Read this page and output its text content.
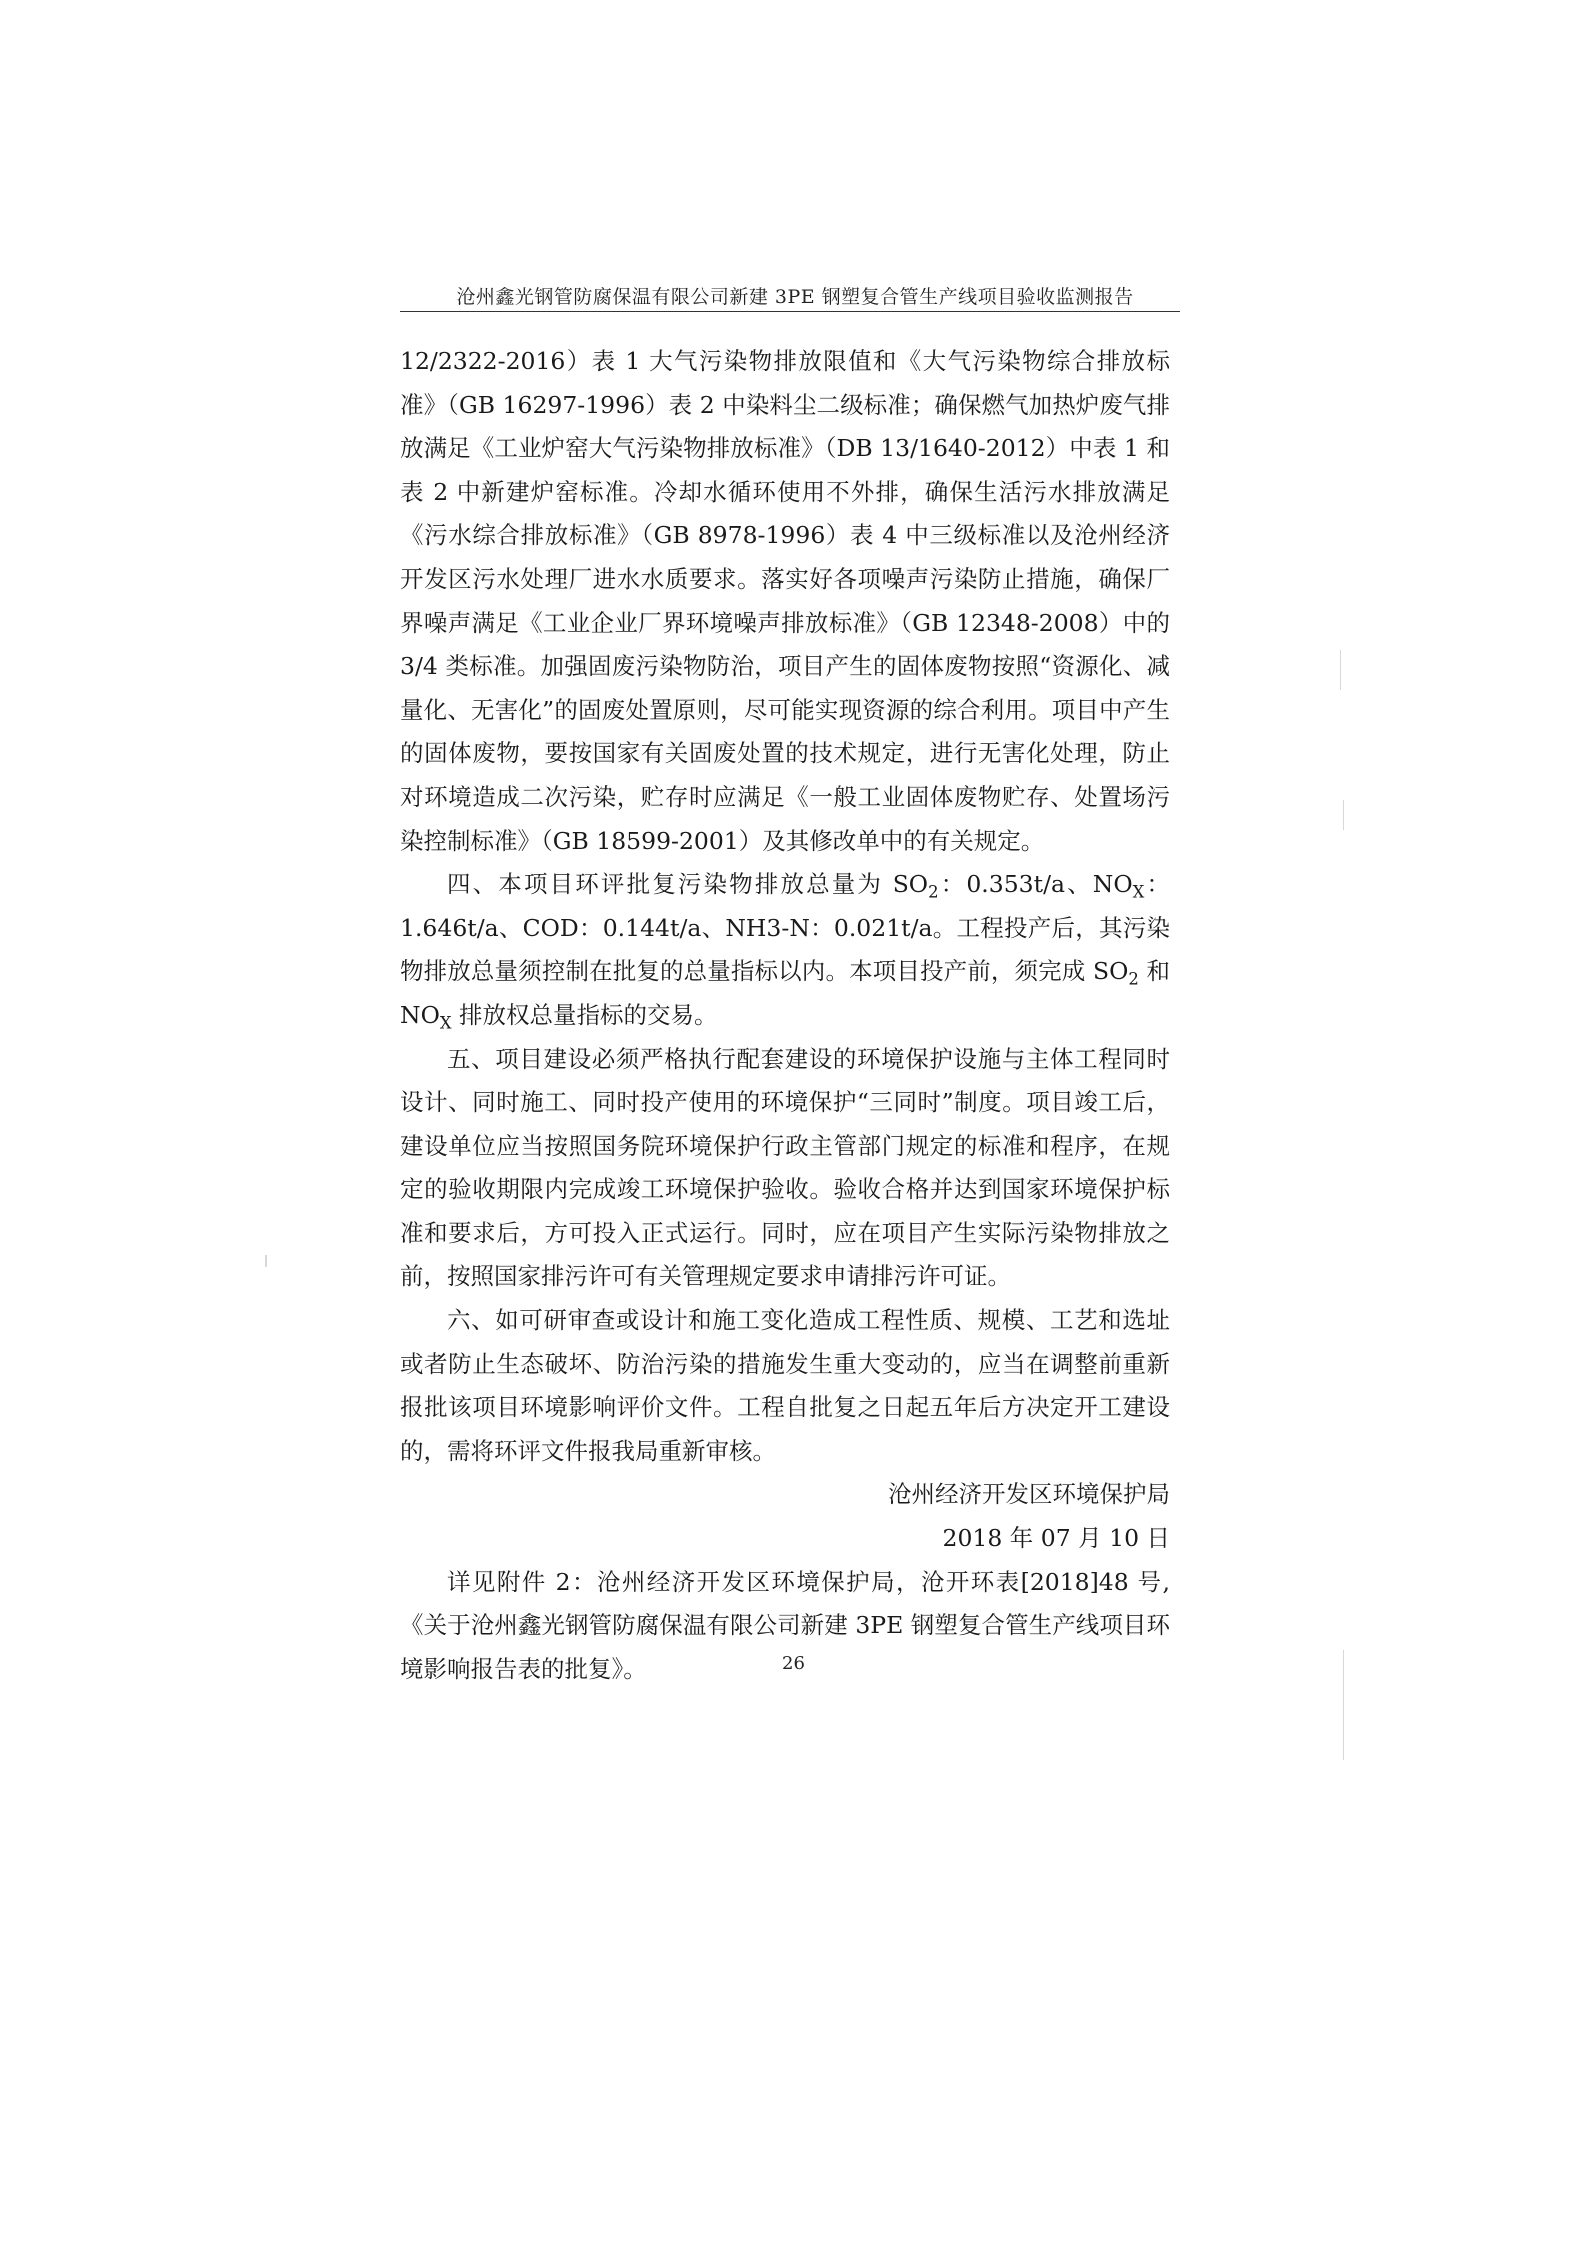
沧州鑫光钢管防腐保温有限公司新建 3PE 钢塑复合管生产线项目验收监测报告

12/2322-2016）表 1 大气污染物排放限值和《大气污染物综合排放标准》（GB 16297-1996）表 2 中染料尘二级标准；确保燃气加热炉废气排放满足《工业炉窑大气污染物排放标准》（DB 13/1640-2012）中表 1 和表 2 中新建炉窑标准。冷却水循环使用不外排，确保生活污水排放满足《污水综合排放标准》（GB 8978-1996）表 4 中三级标准以及沧州经济开发区污水处理厂进水水质要求。落实好各项噪声污染防止措施，确保厂界噪声满足《工业企业厂界环境噪声排放标准》（GB 12348-2008）中的 3/4 类标准。加强固废污染物防治，项目产生的固体废物按照“资源化、减量化、无害化”的固废处置原则，尽可能实现资源的综合利用。项目中产生的固体废物，要按国家有关固废处置的技术规定，进行无害化处理，防止对环境造成二次污染，贮存时应满足《一般工业固体废物贮存、处置场污染控制标准》（GB 18599-2001）及其修改单中的有关规定。

四、本项目环评批复污染物排放总量为 $SO_2$：0.353t/a、$NO_X$：1.646t/a、COD：0.144t/a、NH3-N：0.021t/a。工程投产后，其污染物排放总量须控制在批复的总量指标以内。本项目投产前，须完成 $SO_2$ 和 $NO_X$ 排放权总量指标的交易。

五、项目建设必须严格执行配套建设的环境保护设施与主体工程同时设计、同时施工、同时投产使用的环境保护“三同时”制度。项目竣工后，建设单位应当按照国务院环境保护行政主管部门规定的标准和程序，在规定的验收期限内完成竣工环境保护验收。验收合格并达到国家环境保护标准和要求后，方可投入正式运行。同时，应在项目产生实际污染物排放之前，按照国家排污许可有关管理规定要求申请排污许可证。

六、如可研审查或设计和施工变化造成工程性质、规模、工艺和选址或者防止生态破坏、防治污染的措施发生重大变动的，应当在调整前重新报批该项目环境影响评价文件。工程自批复之日起五年后方决定开工建设的，需将环评文件报我局重新审核。

沧州经济开发区环境保护局

2018 年 07 月 10 日

详见附件 2：沧州经济开发区环境保护局，沧开环表[2018]48 号,《关于沧州鑫光钢管防腐保温有限公司新建 3PE 钢塑复合管生产线项目环境影响报告表的批复》。	26
